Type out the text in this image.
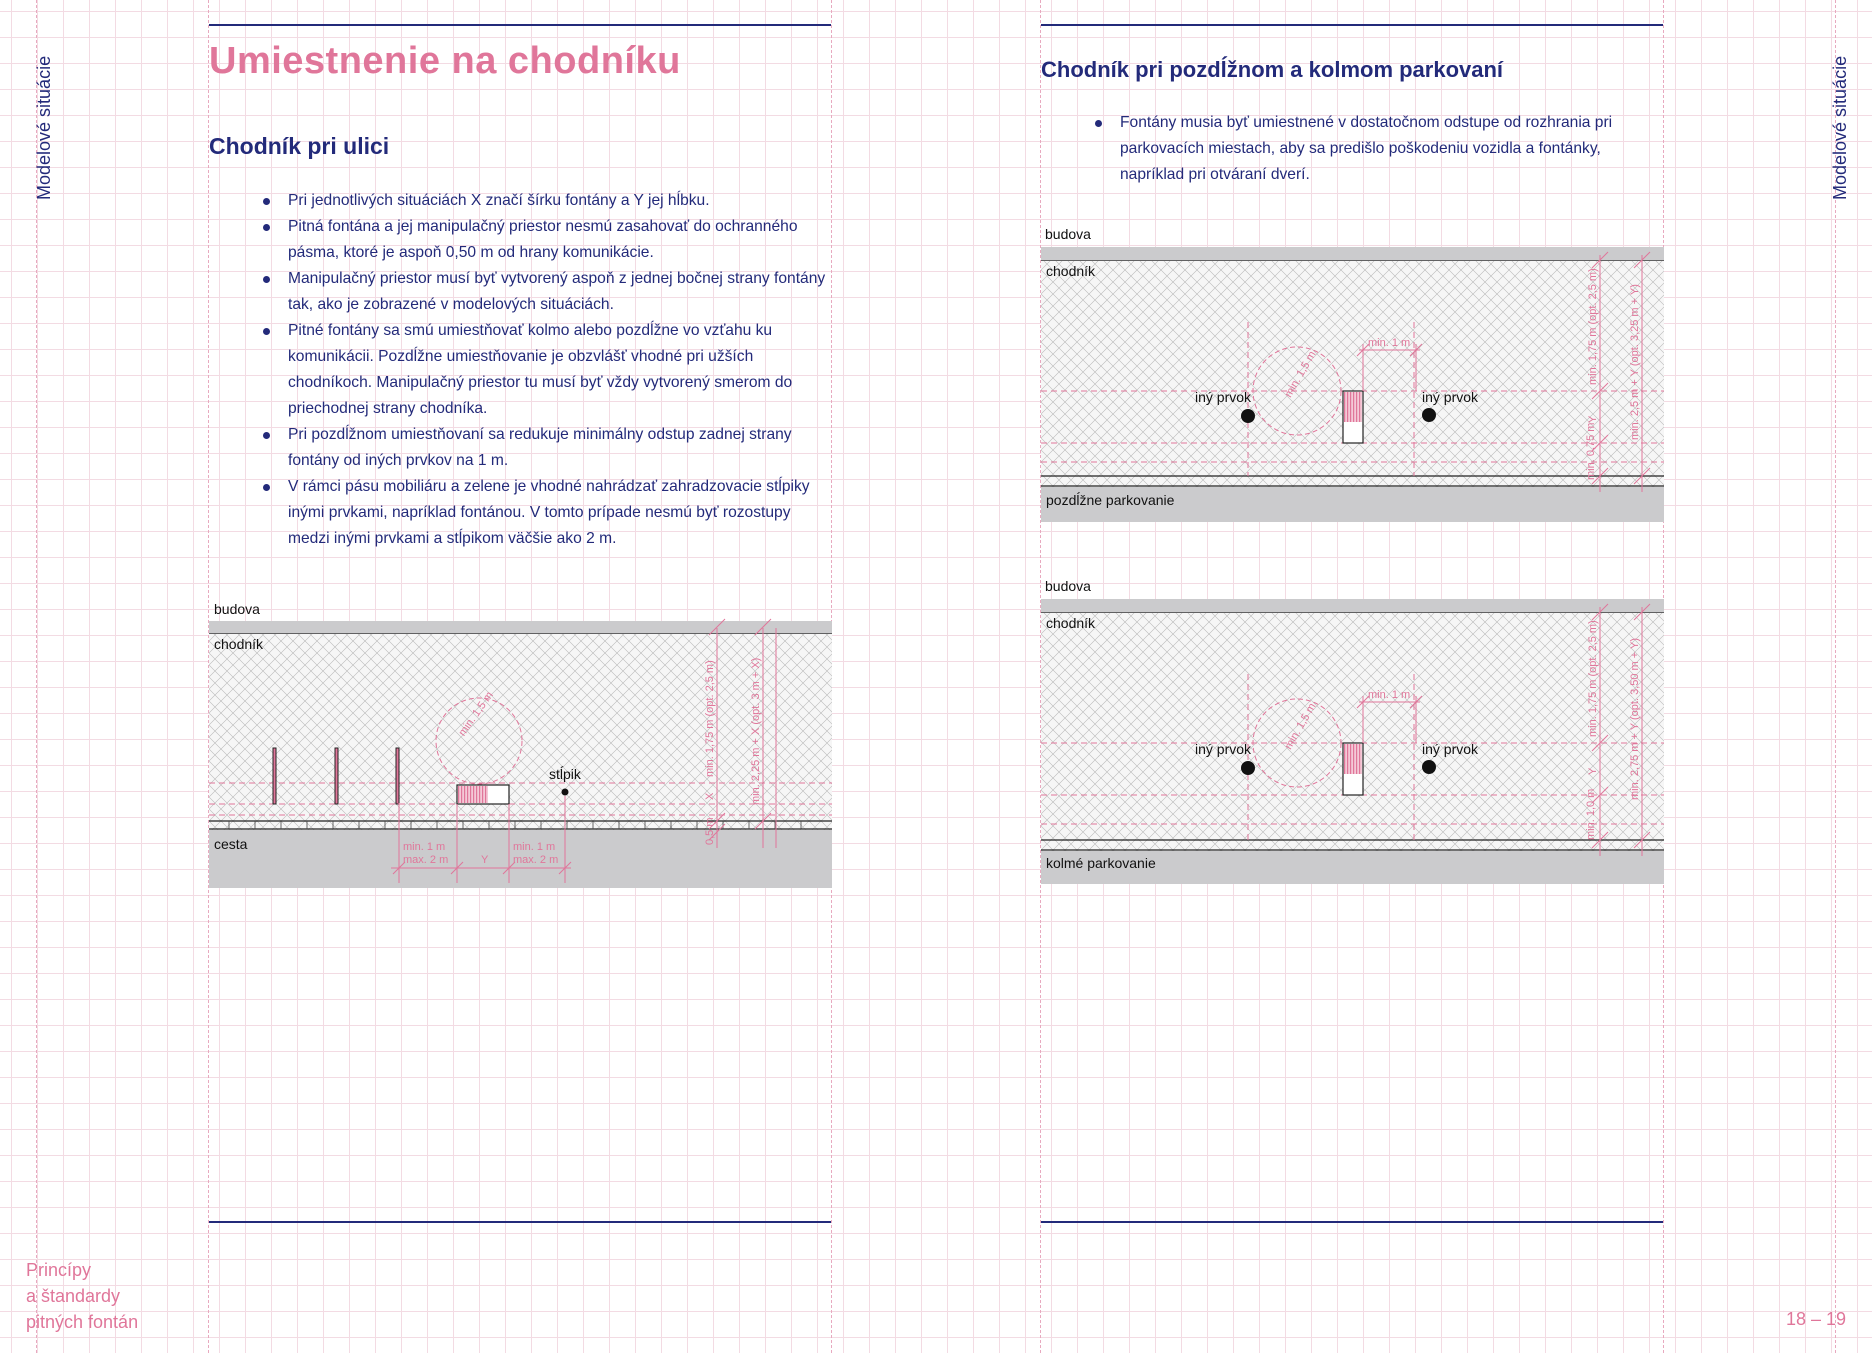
Modelové situácie	Modelové situácie
Umiestnenie na chodníku
Chodník pri ulici
Pri jednotlivých situáciách X značí šírku fontány a Y jej hĺbku.
Pitná fontána a jej manipulačný priestor nesmú zasahovať do ochranného pásma, ktoré je aspoň 0,50 m od hrany komunikácie.
Manipulačný priestor musí byť vytvorený aspoň z jednej bočnej strany fontány tak, ako je zobrazené v modelových situáciách.
Pitné fontány sa smú umiestňovať kolmo alebo pozdĺžne vo vzťahu ku komunikácii. Pozdĺžne umiestňovanie je obzvlášť vhodné pri užších chodníkoch. Manipulačný priestor tu musí byť vždy vytvorený smerom do priechodnej strany chodníka.
Pri pozdĺžnom umiestňovaní sa redukuje minimálny odstup zadnej strany fontány od iných prvkov na 1 m.
V rámci pásu mobiliáru a zelene je vhodné nahrádzať zahradzovacie stĺpiky inými prvkami, napríklad fontánou. V tomto prípade nesmú byť rozostupy medzi inými prvkami a stĺpikom väčšie ako 2 m.
budova
chodník
cesta
min. 1,5 m
stĺpik
min. 1 m
max. 2 m	Y
min. 1 m
max. 2 m
min. 1,75 m (opt. 2,5 m)	min. 2,25 m + X (opt. 3 m + X)
X
0,5 m
Princípy
a štandardy
pitných fontán
Chodník pri pozdĺžnom a kolmom parkovaní
Fontány musia byť umiestnené v dostatočnom odstupe od rozhrania pri parkovacích miestach, aby sa predišlo poškodeniu vozidla a fontánky, napríklad pri otváraní dverí.
budova
chodník
pozdĺžne parkovanie
min. 1,5 m
min. 1 m
iný prvok	iný prvok
min. 1,75 m (opt. 2,5 m)	min. 2,5 m + Y (opt. 3,25 m + Y)
Y
min. 0,75 m
budova
chodník
kolmé parkovanie
min. 1,5 m
min. 1 m
iný prvok	iný prvok
min. 1,75 m (opt. 2,5 m)	min. 2,75 m + Y (opt. 3,50 m + Y)
Y
min. 1,0 m
18 – 19
